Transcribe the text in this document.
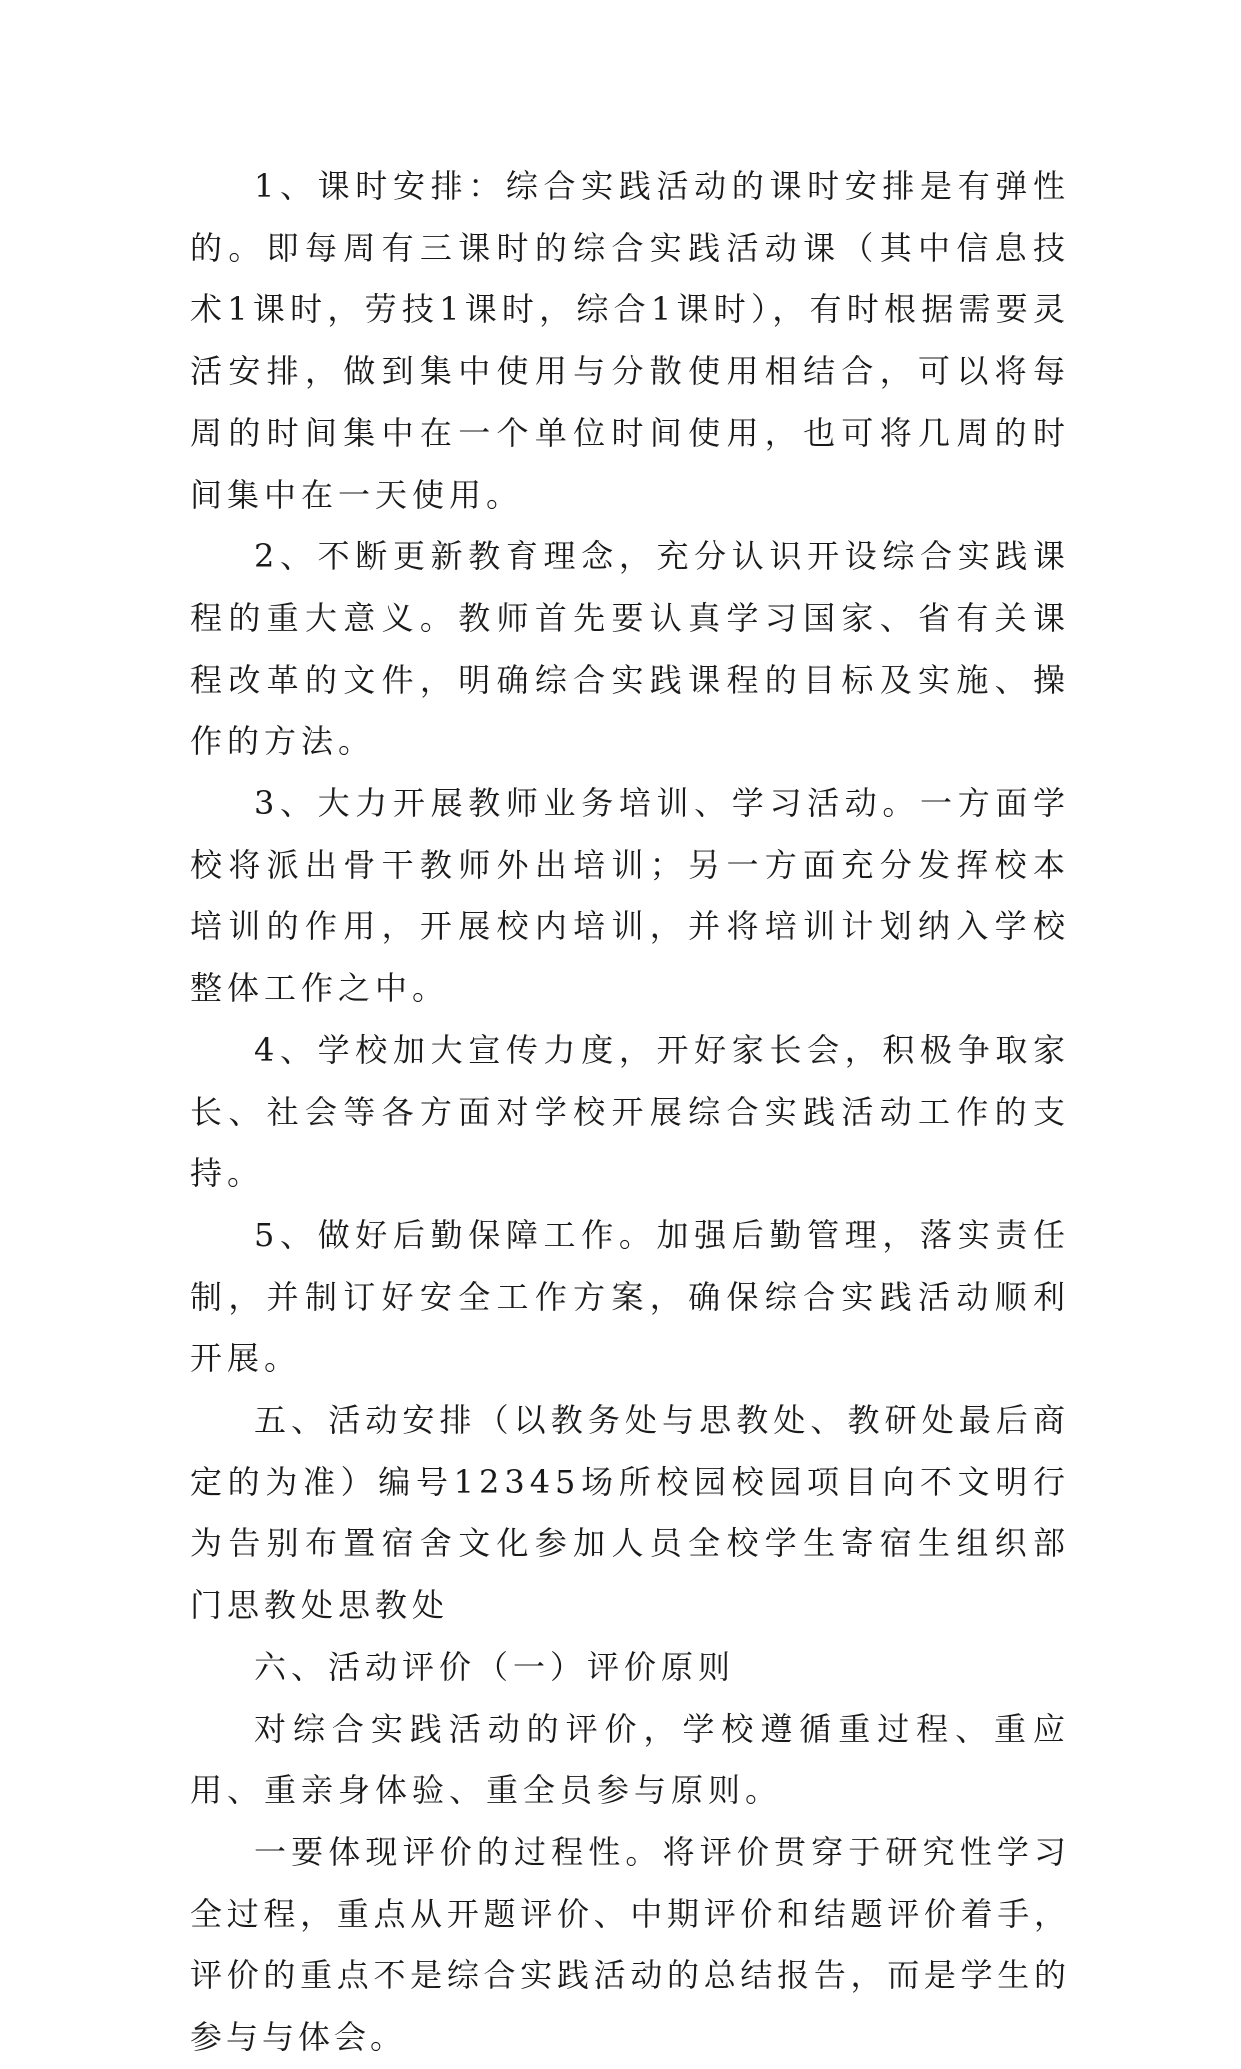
1、课时安排：综合实践活动的课时安排是有弹性的。即每周有三课时的综合实践活动课（其中信息技术1课时，劳技1课时，综合1课时），有时根据需要灵活安排，做到集中使用与分散使用相结合，可以将每周的时间集中在一个单位时间使用，也可将几周的时间集中在一天使用。

2、不断更新教育理念，充分认识开设综合实践课程的重大意义。教师首先要认真学习国家、省有关课程改革的文件，明确综合实践课程的目标及实施、操作的方法。

3、大力开展教师业务培训、学习活动。一方面学校将派出骨干教师外出培训；另一方面充分发挥校本培训的作用，开展校内培训，并将培训计划纳入学校整体工作之中。

4、学校加大宣传力度，开好家长会，积极争取家长、社会等各方面对学校开展综合实践活动工作的支持。

5、做好后勤保障工作。加强后勤管理，落实责任制，并制订好安全工作方案，确保综合实践活动顺利开展。

五、活动安排（以教务处与思教处、教研处最后商定的为准）编号12345场所校园校园项目向不文明行为告别布置宿舍文化参加人员全校学生寄宿生组织部门思教处思教处

六、活动评价（一）评价原则

对综合实践活动的评价，学校遵循重过程、重应用、重亲身体验、重全员参与原则。

一要体现评价的过程性。将评价贯穿于研究性学习全过程，重点从开题评价、中期评价和结题评价着手，评价的重点不是综合实践活动的总结报告，而是学生的参与与体会。
